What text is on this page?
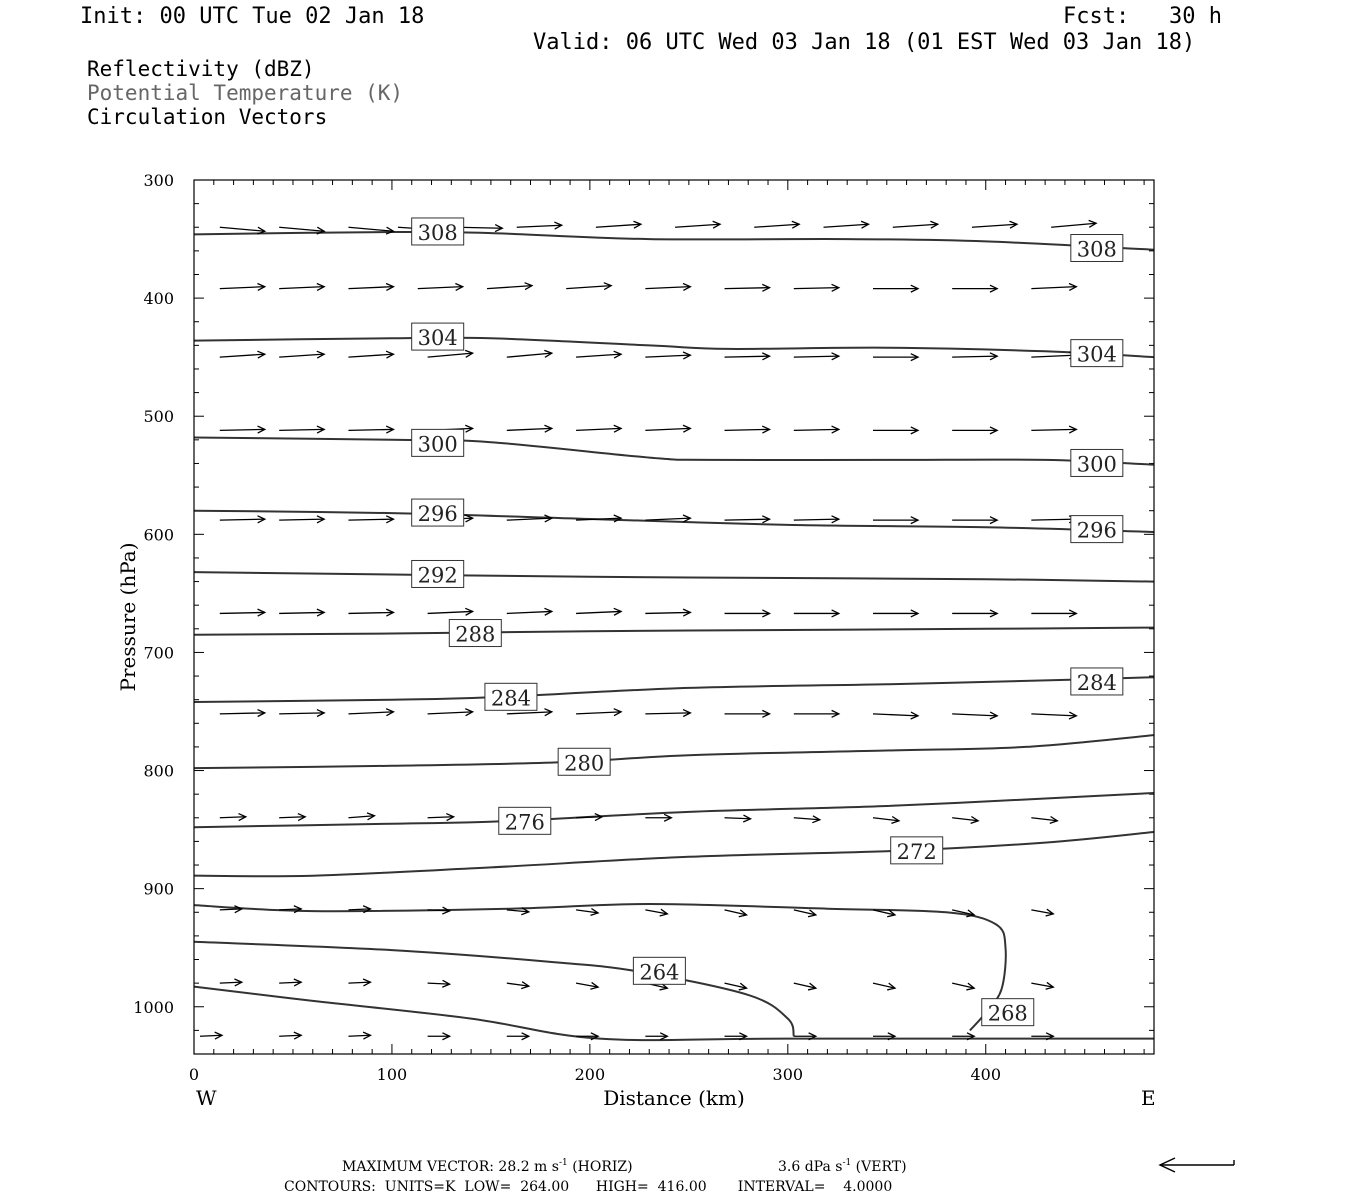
Init: 00 UTC Tue 02 Jan 18	Fcst:   30 h
Valid: 06 UTC Wed 03 Jan 18 (01 EST Wed 03 Jan 18)
Reflectivity (dBZ)
Potential Temperature (K)
Circulation Vectors
308
308
304
304
300
300
296
296
292
288
284
284
280
276
272
268
264
0	100	200	300	400
300
400
500
600
700
800
900
1000
Distance (km)
Pressure (hPa)
W	E
MAXIMUM VECTOR: 28.2 m $s^{-1}$ (HORIZ)	3.6 dPa $s^{-1}$ (VERT)
CONTOURS:  UNITS=K  LOW=  264.00      HIGH=  416.00       INTERVAL=    4.0000
